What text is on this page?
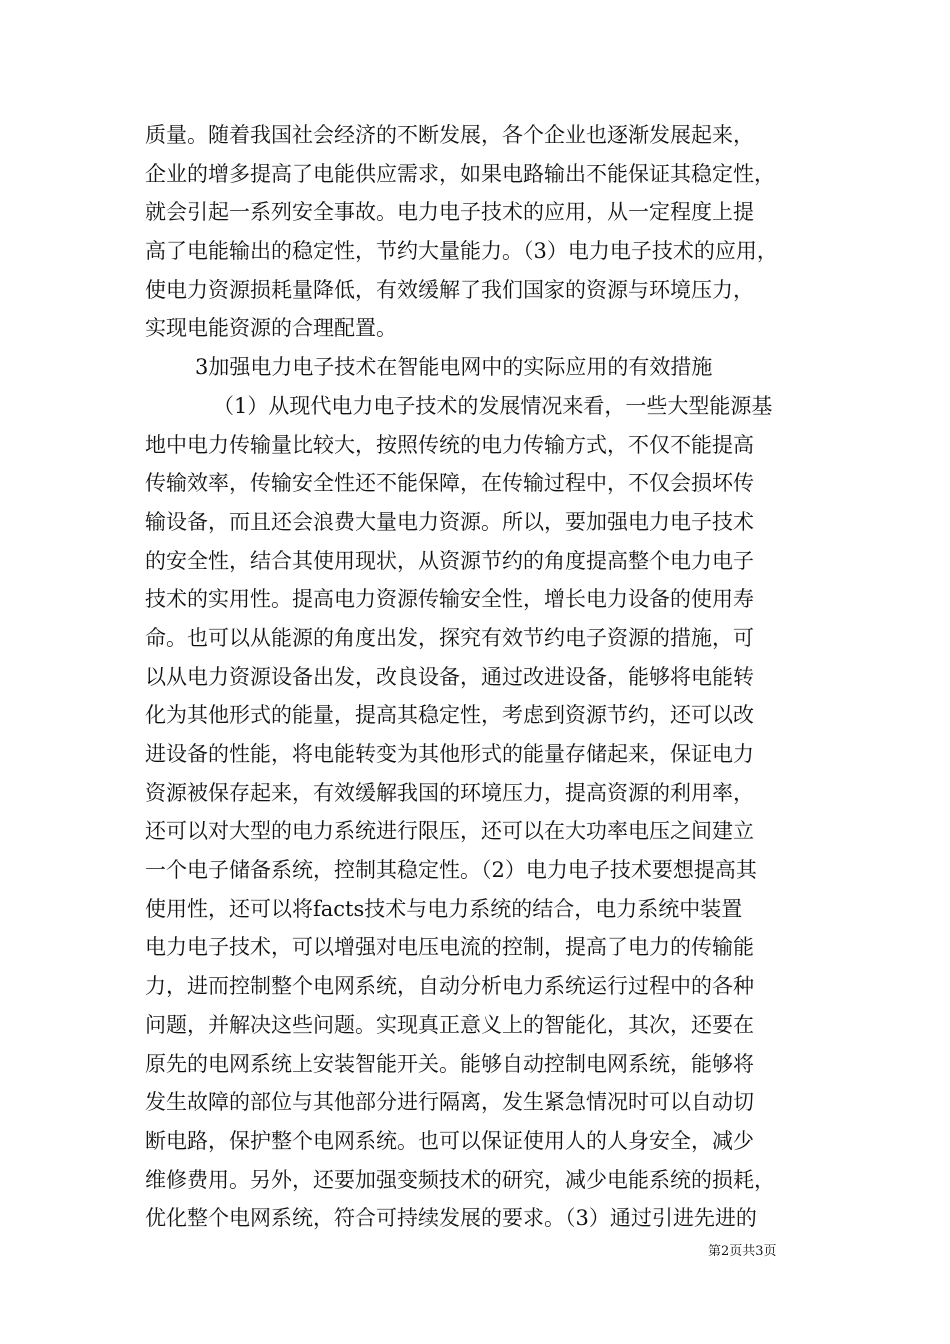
质量。随着我国社会经济的不断发展，各个企业也逐渐发展起来，
企业的增多提高了电能供应需求，如果电路输出不能保证其稳定性，
就会引起一系列安全事故。电力电子技术的应用，从一定程度上提
高了电能输出的稳定性，节约大量能力。（3）电力电子技术的应用，
使电力资源损耗量降低，有效缓解了我们国家的资源与环境压力，
实现电能资源的合理配置。
3加强电力电子技术在智能电网中的实际应用的有效措施
（1）从现代电力电子技术的发展情况来看，一些大型能源基
地中电力传输量比较大，按照传统的电力传输方式，不仅不能提高
传输效率，传输安全性还不能保障，在传输过程中，不仅会损坏传
输设备，而且还会浪费大量电力资源。所以，要加强电力电子技术
的安全性，结合其使用现状，从资源节约的角度提高整个电力电子
技术的实用性。提高电力资源传输安全性，增长电力设备的使用寿
命。也可以从能源的角度出发，探究有效节约电子资源的措施，可
以从电力资源设备出发，改良设备，通过改进设备，能够将电能转
化为其他形式的能量，提高其稳定性，考虑到资源节约，还可以改
进设备的性能，将电能转变为其他形式的能量存储起来，保证电力
资源被保存起来，有效缓解我国的环境压力，提高资源的利用率，
还可以对大型的电力系统进行限压，还可以在大功率电压之间建立
一个电子储备系统，控制其稳定性。（2）电力电子技术要想提高其
使用性，还可以将facts技术与电力系统的结合，电力系统中装置
电力电子技术，可以增强对电压电流的控制，提高了电力的传输能
力，进而控制整个电网系统，自动分析电力系统运行过程中的各种
问题，并解决这些问题。实现真正意义上的智能化，其次，还要在
原先的电网系统上安装智能开关。能够自动控制电网系统，能够将
发生故障的部位与其他部分进行隔离，发生紧急情况时可以自动切
断电路，保护整个电网系统。也可以保证使用人的人身安全，减少
维修费用。另外，还要加强变频技术的研究，减少电能系统的损耗，
优化整个电网系统，符合可持续发展的要求。（3）通过引进先进的
第2页共3页
